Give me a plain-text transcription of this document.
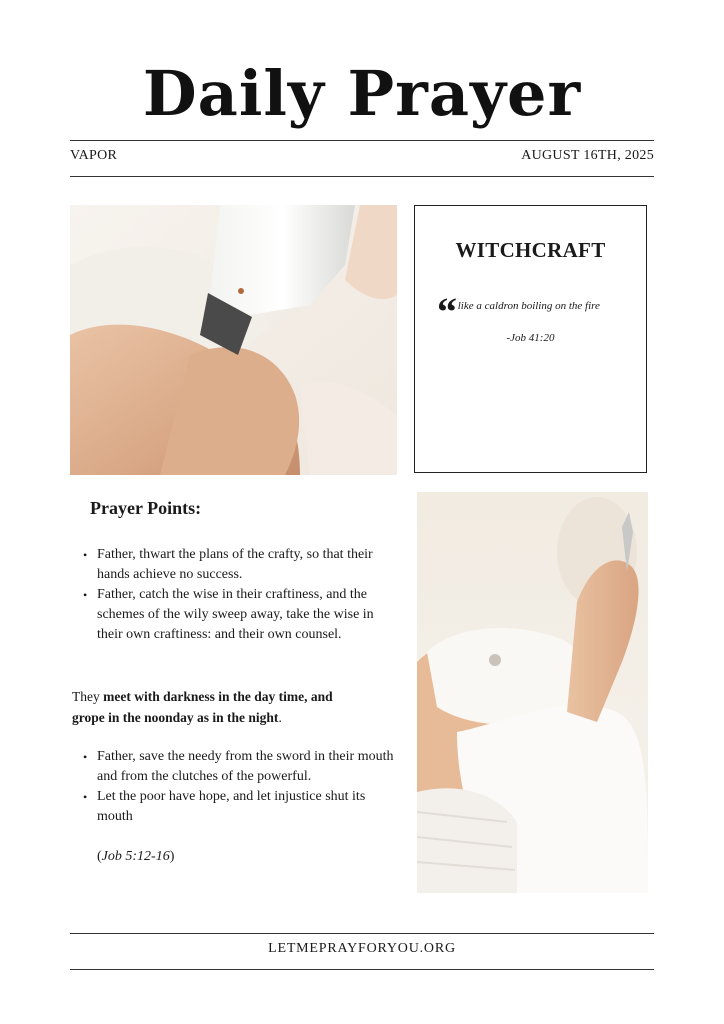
Daily Prayer
VAPOR	AUGUST 16TH, 2025
WITCHCRAFT
“ like a caldron boiling on the fire
-Job 41:20
Prayer Points:
• Father, thwart the plans of the crafty, so that their hands achieve no success.
• Father, catch the wise in their craftiness, and the schemes of the wily sweep away, take the wise in their own craftiness: and their own counsel.
They meet with darkness in the day time, and grope in the noonday as in the night.
• Father, save the needy from the sword in their mouth and from the clutches of the powerful.
• Let the poor have hope, and let injustice shut its mouth
(Job 5:12-16)
LETMEPRAYFORYOU.ORG
